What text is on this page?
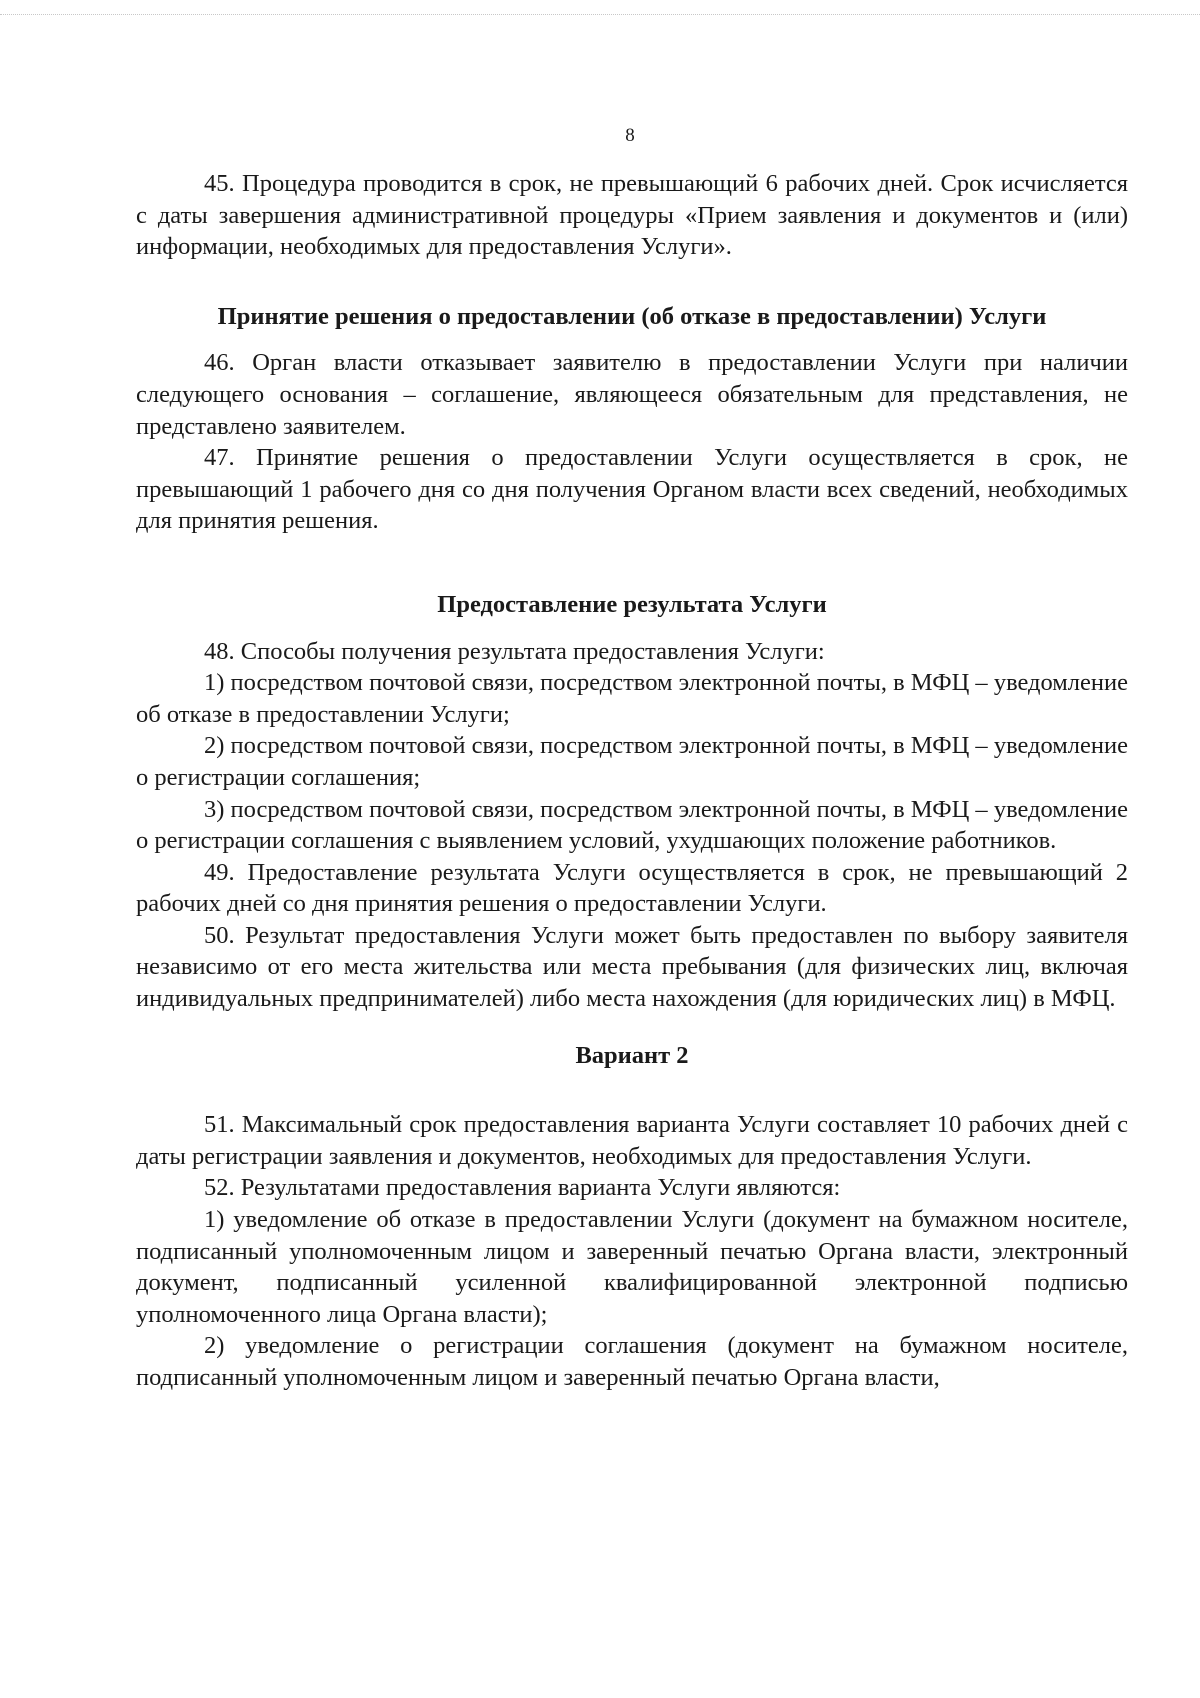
8

45. Процедура проводится в срок, не превышающий 6 рабочих дней. Срок исчисляется с даты завершения административной процедуры «Прием заявления и документов и (или) информации, необходимых для предоставления Услуги».

Принятие решения о предоставлении (об отказе в предоставлении) Услуги

46. Орган власти отказывает заявителю в предоставлении Услуги при наличии следующего основания – соглашение, являющееся обязательным для представления, не представлено заявителем.

47. Принятие решения о предоставлении Услуги осуществляется в срок, не превышающий 1 рабочего дня со дня получения Органом власти всех сведений, необходимых для принятия решения.

Предоставление результата Услуги

48. Способы получения результата предоставления Услуги:

1) посредством почтовой связи, посредством электронной почты, в МФЦ – уведомление об отказе в предоставлении Услуги;

2) посредством почтовой связи, посредством электронной почты, в МФЦ – уведомление о регистрации соглашения;

3) посредством почтовой связи, посредством электронной почты, в МФЦ – уведомление о регистрации соглашения с выявлением условий, ухудшающих положение работников.

49. Предоставление результата Услуги осуществляется в срок, не превышающий 2 рабочих дней со дня принятия решения о предоставлении Услуги.

50. Результат предоставления Услуги может быть предоставлен по выбору заявителя независимо от его места жительства или места пребывания (для физических лиц, включая индивидуальных предпринимателей) либо места нахождения (для юридических лиц) в МФЦ.

Вариант 2

51. Максимальный срок предоставления варианта Услуги составляет 10 рабочих дней с даты регистрации заявления и документов, необходимых для предоставления Услуги.

52. Результатами предоставления варианта Услуги являются:

1) уведомление об отказе в предоставлении Услуги (документ на бумажном носителе, подписанный уполномоченным лицом и заверенный печатью Органа власти, электронный документ, подписанный усиленной квалифицированной электронной подписью уполномоченного лица Органа власти);

2) уведомление о регистрации соглашения (документ на бумажном носителе, подписанный уполномоченным лицом и заверенный печатью Органа власти,
